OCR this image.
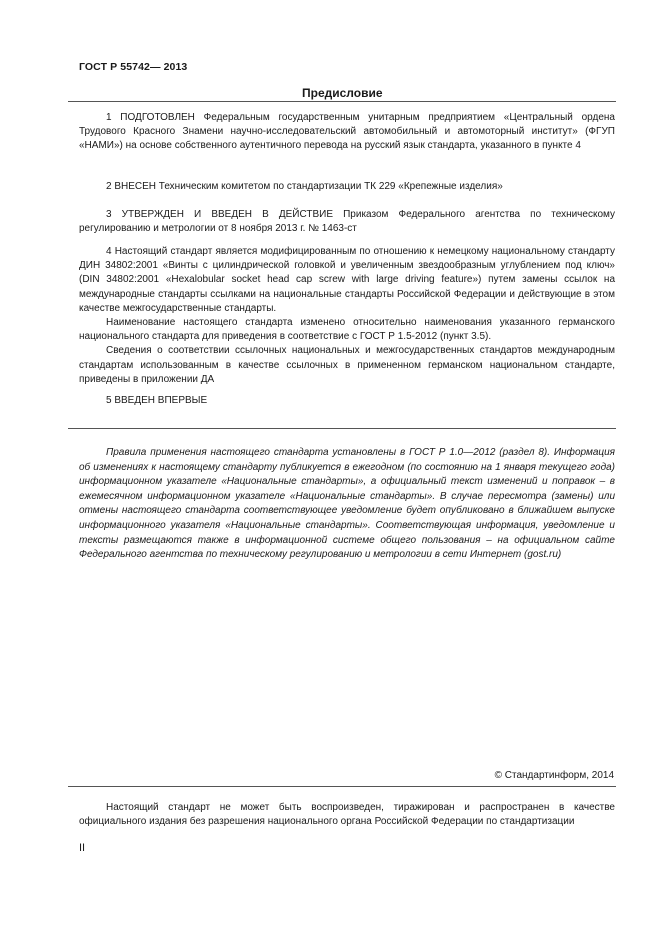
ГОСТ Р 55742— 2013
Предисловие

1 ПОДГОТОВЛЕН Федеральным государственным унитарным предприятием «Центральный ордена Трудового Красного Знамени научно-исследовательский автомобильный и автомоторный институт» (ФГУП «НАМИ») на основе собственного аутентичного перевода на русский язык стандарта, указанного в пункте 4

2 ВНЕСЕН Техническим комитетом по стандартизации ТК 229 «Крепежные изделия»

3 УТВЕРЖДЕН И ВВЕДЕН В ДЕЙСТВИЕ Приказом Федерального агентства по техническому регулированию и метрологии от 8 ноября 2013 г. № 1463-ст

4 Настоящий стандарт является модифицированным по отношению к немецкому национальному стандарту ДИН 34802:2001 «Винты с цилиндрической головкой и увеличенным звездообразным углублением под ключ» (DIN 34802:2001 «Hexalobular socket head cap screw with large driving feature») путем замены ссылок на международные стандарты ссылками на национальные стандарты Российской Федерации и действующие в этом качестве межгосударственные стандарты.

Наименование настоящего стандарта изменено относительно наименования указанного германского национального стандарта для приведения в соответствие с ГОСТ Р 1.5-2012 (пункт 3.5).

Сведения о соответствии ссылочных национальных и межгосударственных стандартов международным стандартам использованным в качестве ссылочных в примененном германском национальном стандарте, приведены в приложении ДА

5 ВВЕДЕН ВПЕРВЫЕ

Правила применения настоящего стандарта установлены в ГОСТ Р 1.0—2012 (раздел 8). Информация об изменениях к настоящему стандарту публикуется в ежегодном (по состоянию на 1 января текущего года) информационном указателе «Национальные стандарты», а официальный текст изменений и поправок – в ежемесячном информационном указателе «Национальные стандарты». В случае пересмотра (замены) или отмены настоящего стандарта соответствующее уведомление будет опубликовано в ближайшем выпуске информационного указателя «Национальные стандарты». Соответствующая информация, уведомление и тексты размещаются также в информационной системе общего пользования – на официальном сайте Федерального агентства по техническому регулированию и метрологии в сети Интернет (gost.ru)

© Стандартинформ, 2014

Настоящий стандарт не может быть воспроизведен, тиражирован и распространен в качестве официального издания без разрешения национального органа Российской Федерации по стандартизации

II
